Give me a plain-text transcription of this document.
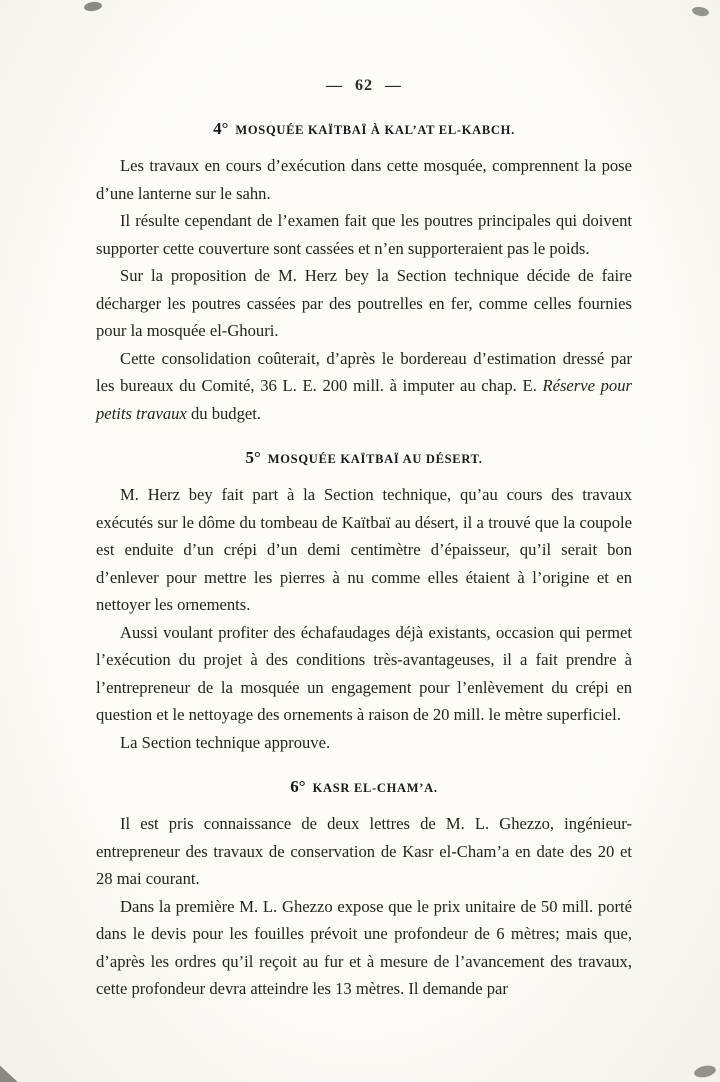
— 62 —
4° MOSQUÉE KAÏTBAÏ À KAL’AT EL-KABCH.

Les travaux en cours d’exécution dans cette mosquée, comprennent la pose d’une lanterne sur le sahn.

Il résulte cependant de l’examen fait que les poutres principales qui doivent supporter cette couverture sont cassées et n’en supporteraient pas le poids.

Sur la proposition de M. Herz bey la Section technique décide de faire décharger les poutres cassées par des poutrelles en fer, comme celles fournies pour la mosquée el-Ghouri.

Cette consolidation coûterait, d’après le bordereau d’estimation dressé par les bureaux du Comité, 36 L. E. 200 mill. à imputer au chap. E. Réserve pour petits travaux du budget.

5° MOSQUÉE KAÏTBAÏ AU DÉSERT.

M. Herz bey fait part à la Section technique, qu’au cours des travaux exécutés sur le dôme du tombeau de Kaïtbaï au désert, il a trouvé que la coupole est enduite d’un crépi d’un demi centimètre d’épaisseur, qu’il serait bon d’enlever pour mettre les pierres à nu comme elles étaient à l’origine et en nettoyer les ornements.

Aussi voulant profiter des échafaudages déjà existants, occasion qui permet l’exécution du projet à des conditions très-avantageuses, il a fait prendre à l’entrepreneur de la mosquée un engagement pour l’enlèvement du crépi en question et le nettoyage des ornements à raison de 20 mill. le mètre superficiel.

La Section technique approuve.

6° KASR EL-CHAM’A.

Il est pris connaissance de deux lettres de M. L. Ghezzo, ingénieur-entrepreneur des travaux de conservation de Kasr el-Cham’a en date des 20 et 28 mai courant.

Dans la première M. L. Ghezzo expose que le prix unitaire de 50 mill. porté dans le devis pour les fouilles prévoit une profondeur de 6 mètres; mais que, d’après les ordres qu’il reçoit au fur et à mesure de l’avancement des travaux, cette profondeur devra atteindre les 13 mètres. Il demande par
